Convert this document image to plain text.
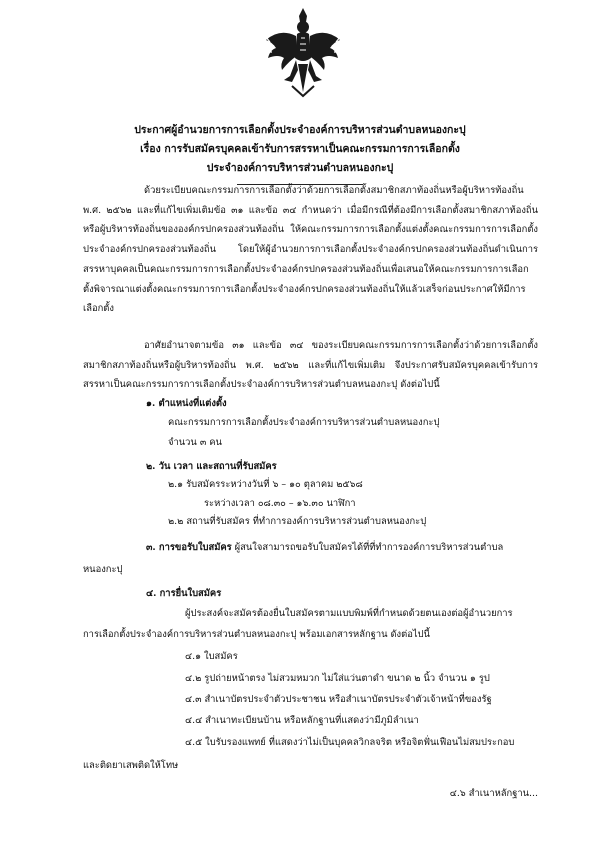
ประกาศผู้อำนวยการการเลือกตั้งประจำองค์การบริหารส่วนตำบลหนองกะปุ
เรื่อง การรับสมัครบุคคลเข้ารับการสรรหาเป็นคณะกรรมการการเลือกตั้ง
ประจำองค์การบริหารส่วนตำบลหนองกะปุ

ด้วยระเบียบคณะกรรมการการเลือกตั้งว่าด้วยการเลือกตั้งสมาชิกสภาท้องถิ่นหรือผู้บริหารท้องถิ่น พ.ศ. ๒๕๖๒ และที่แก้ไขเพิ่มเติมข้อ ๓๑ และข้อ ๓๔ กำหนดว่า เมื่อมีกรณีที่ต้องมีการเลือกตั้งสมาชิกสภาท้องถิ่นหรือผู้บริหารท้องถิ่นขององค์กรปกครองส่วนท้องถิ่น ให้คณะกรรมการการเลือกตั้งแต่งตั้งคณะกรรมการการเลือกตั้งประจำองค์กรปกครองส่วนท้องถิ่น โดยให้ผู้อำนวยการการเลือกตั้งประจำองค์กรปกครองส่วนท้องถิ่นดำเนินการสรรหาบุคคลเป็นคณะกรรมการการเลือกตั้งประจำองค์กรปกครองส่วนท้องถิ่นเพื่อเสนอให้คณะกรรมการการเลือกตั้งพิจารณาแต่งตั้งคณะกรรมการการเลือกตั้งประจำองค์กรปกครองส่วนท้องถิ่นให้แล้วเสร็จก่อนประกาศให้มีการเลือกตั้ง

อาศัยอำนาจตามข้อ ๓๑ และข้อ ๓๔ ของระเบียบคณะกรรมการการเลือกตั้งว่าด้วยการเลือกตั้งสมาชิกสภาท้องถิ่นหรือผู้บริหารท้องถิ่น พ.ศ. ๒๕๖๒ และที่แก้ไขเพิ่มเติม จึงประกาศรับสมัครบุคคลเข้ารับการสรรหาเป็นคณะกรรมการการเลือกตั้งประจำองค์การบริหารส่วนตำบลหนองกะปุ ดังต่อไปนี้

๑. ตำแหน่งที่แต่งตั้ง
คณะกรรมการการเลือกตั้งประจำองค์การบริหารส่วนตำบลหนองกะปุ
จำนวน ๓ คน
๒. วัน เวลา และสถานที่รับสมัคร
๒.๑ รับสมัครระหว่างวันที่ ๖ – ๑๐ ตุลาคม ๒๕๖๘
ระหว่างเวลา ๐๘.๓๐ – ๑๖.๓๐ นาฬิกา
๒.๒ สถานที่รับสมัคร ที่ทำการองค์การบริหารส่วนตำบลหนองกะปุ
๓. การขอรับใบสมัคร ผู้สนใจสามารถขอรับใบสมัครได้ที่ที่ทำการองค์การบริหารส่วนตำบล
หนองกะปุ
๔. การยื่นใบสมัคร
ผู้ประสงค์จะสมัครต้องยื่นใบสมัครตามแบบพิมพ์ที่กำหนดด้วยตนเองต่อผู้อำนวยการ
การเลือกตั้งประจำองค์การบริหารส่วนตำบลหนองกะปุ พร้อมเอกสารหลักฐาน ดังต่อไปนี้
๔.๑ ใบสมัคร
๔.๒ รูปถ่ายหน้าตรง ไม่สวมหมวก ไม่ใส่แว่นตาดำ ขนาด ๒ นิ้ว จำนวน ๑ รูป
๔.๓ สำเนาบัตรประจำตัวประชาชน หรือสำเนาบัตรประจำตัวเจ้าหน้าที่ของรัฐ
๔.๔ สำเนาทะเบียนบ้าน หรือหลักฐานที่แสดงว่ามีภูมิลำเนา
๔.๕ ใบรับรองแพทย์ ที่แสดงว่าไม่เป็นบุคคลวิกลจริต หรือจิตฟั่นเฟือนไม่สมประกอบ
และติดยาเสพติดให้โทษ
๔.๖ สำเนาหลักฐาน...
